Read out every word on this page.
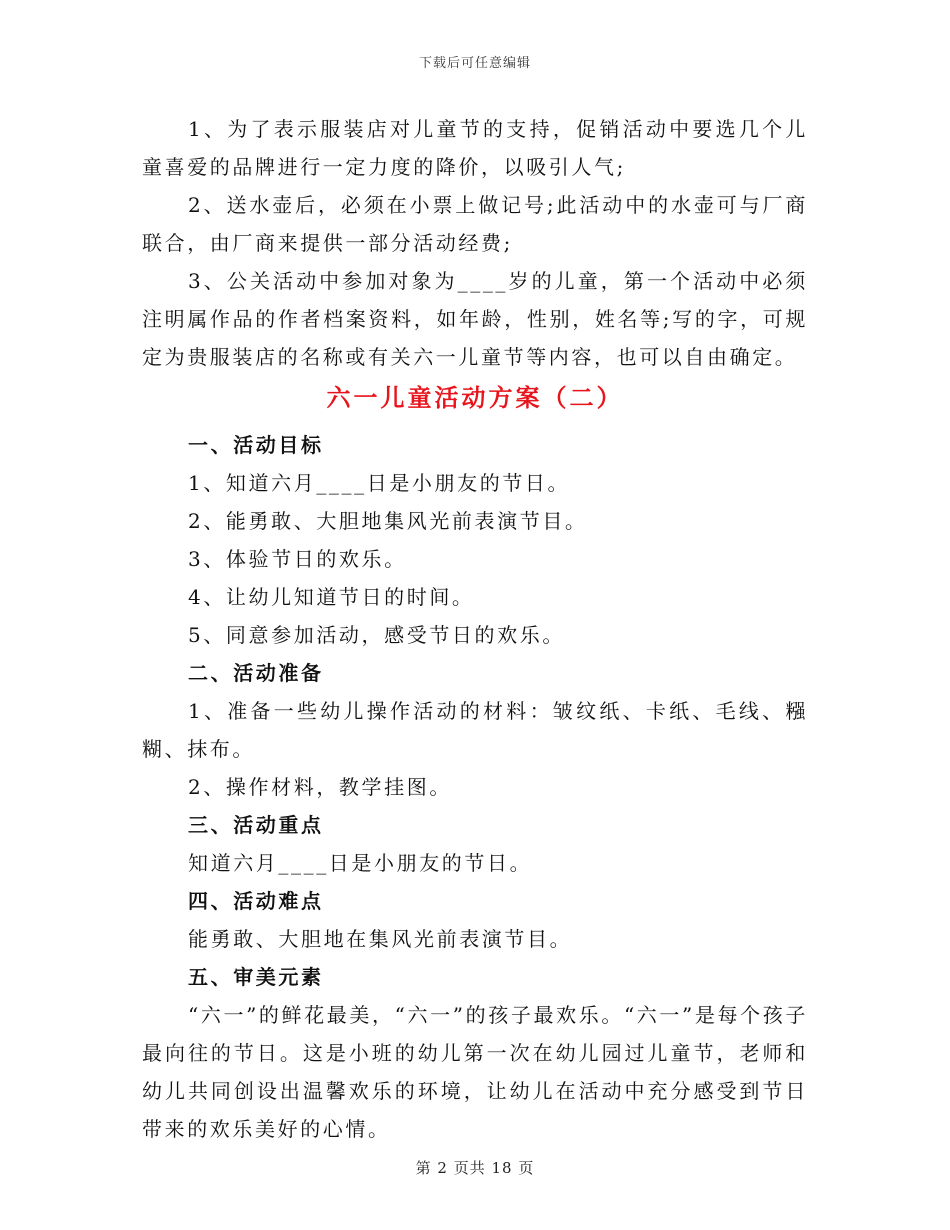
下载后可任意编辑

1、为了表示服装店对儿童节的支持，促销活动中要选几个儿童喜爱的品牌进行一定力度的降价，以吸引人气;

2、送水壶后，必须在小票上做记号;此活动中的水壶可与厂商联合，由厂商来提供一部分活动经费;

3、公关活动中参加对象为____岁的儿童，第一个活动中必须注明属作品的作者档案资料，如年龄，性别，姓名等;写的字，可规定为贵服装店的名称或有关六一儿童节等内容，也可以自由确定。

六一儿童活动方案（二）

一、活动目标

1、知道六月____日是小朋友的节日。

2、能勇敢、大胆地集风光前表演节目。

3、体验节日的欢乐。

4、让幼儿知道节日的时间。

5、同意参加活动，感受节日的欢乐。

二、活动准备

1、准备一些幼儿操作活动的材料：皱纹纸、卡纸、毛线、糨糊、抹布。

2、操作材料，教学挂图。

三、活动重点

知道六月____日是小朋友的节日。

四、活动难点

能勇敢、大胆地在集风光前表演节目。

五、审美元素

“六一”的鲜花最美，“六一”的孩子最欢乐。“六一”是每个孩子最向往的节日。这是小班的幼儿第一次在幼儿园过儿童节，老师和幼儿共同创设出温馨欢乐的环境，让幼儿在活动中充分感受到节日带来的欢乐美好的心情。

第 2 页共 18 页
